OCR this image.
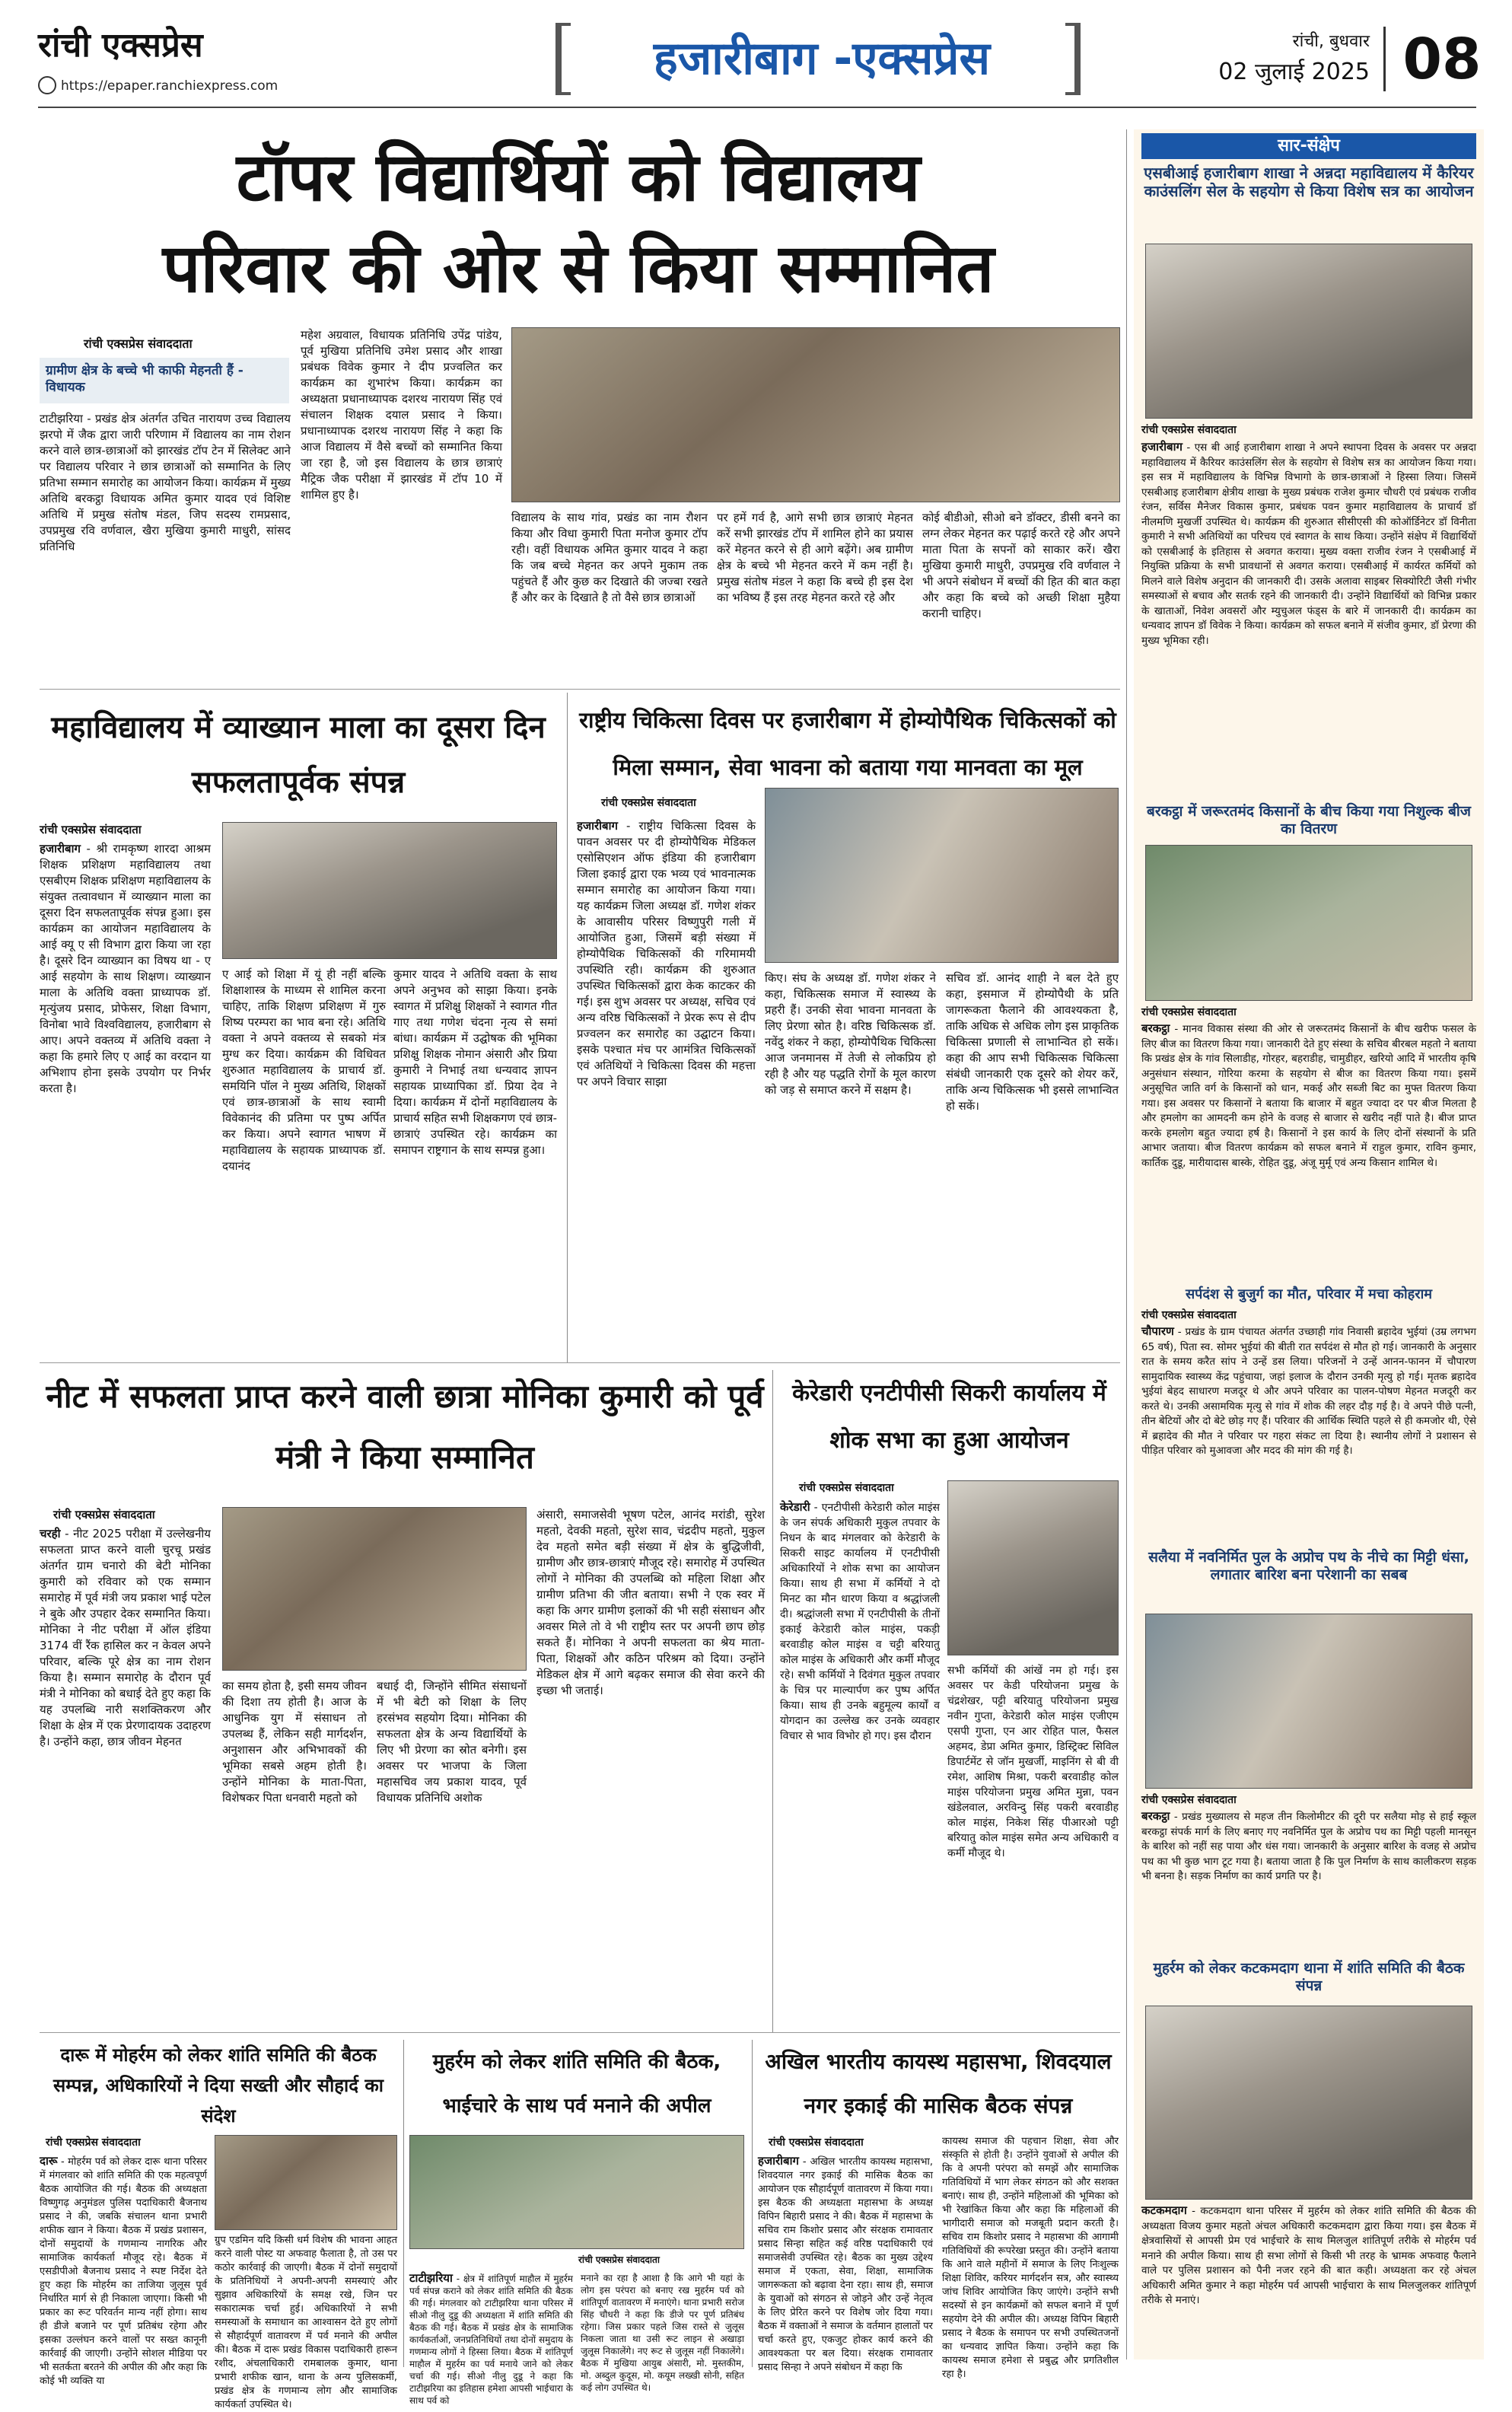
रांची एक्सप्रेस
https://epaper.ranchiexpress.com
हजारीबाग -एक्सप्रेस	रांची, बुधवार
02 जुलाई 2025 08
टॉपर विद्यार्थियों को विद्यालय
परिवार की ओर से किया सम्मानित
रांची एक्सप्रेस संवाददाता
ग्रामीण क्षेत्र के बच्चे भी काफी मेहनती हैं - विधायक
टाटीझरिया - प्रखंड क्षेत्र अंतर्गत उचित नारायण उच्च विद्यालय झरपो में जैक द्वारा जारी परिणाम में विद्यालय का नाम रोशन करने वाले छात्र-छात्राओं को झारखंड टॉप टेन में सिलेक्ट आने पर विद्यालय परिवार ने छात्र छात्राओं को सम्मानित के लिए प्रतिभा सम्मान समारोह का आयोजन किया। कार्यक्रम में मुख्य अतिथि बरकट्ठा विधायक अमित कुमार यादव एवं विशिष्ट अतिथि में प्रमुख संतोष मंडल, जिप सदस्य रामप्रसाद, उपप्रमुख रवि वर्णवाल, खैरा मुखिया कुमारी माधुरी, सांसद प्रतिनिधि
महेश अग्रवाल, विधायक प्रतिनिधि उपेंद्र पांडेय, पूर्व मुखिया प्रतिनिधि उमेश प्रसाद और शाखा प्रबंधक विवेक कुमार ने दीप प्रज्वलित कर कार्यक्रम का शुभारंभ किया। कार्यक्रम का अध्यक्षता प्रधानाध्यापक दशरथ नारायण सिंह एवं संचालन शिक्षक दयाल प्रसाद ने किया। प्रधानाध्यापक दशरथ नारायण सिंह ने कहा कि आज विद्यालय में वैसे बच्चों को सम्मानित किया जा रहा है, जो इस विद्यालय के छात्र छात्राएं मैट्रिक जैक परीक्षा में झारखंड में टॉप 10 में शामिल हुए है।
विद्यालय के साथ गांव, प्रखंड का नाम रौशन किया और विधा कुमारी पिता मनोज कुमार टॉप रही। वहीं विधायक अमित कुमार यादव ने कहा कि जब बच्चे मेहनत कर अपने मुकाम तक पहुंचते हैं और कुछ कर दिखाते की जज्बा रखते हैं और कर के दिखाते है तो वैसे छात्र छात्राओं
पर हमें गर्व है, आगे सभी छात्र छात्राएं मेहनत करें सभी झारखंड टॉप में शामिल होने का प्रयास करें मेहनत करने से ही आगे बढ़ेंगे। अब ग्रामीण क्षेत्र के बच्चे भी मेहनत करने में कम नहीं है। प्रमुख संतोष मंडल ने कहा कि बच्चे ही इस देश का भविष्य हैं इस तरह मेहनत करते रहे और
कोई बीडीओ, सीओ बने डॉक्टर, डीसी बनने का लग्न लेकर मेहनत कर पढ़ाई करते रहे और अपने माता पिता के सपनों को साकार करें। खैरा मुखिया कुमारी माधुरी, उपप्रमुख रवि वर्णवाल ने भी अपने संबोधन में बच्चों की हित की बात कहा और कहा कि बच्चे को अच्छी शिक्षा मुहैया करानी चाहिए।
सार-संक्षेप
एसबीआई हजारीबाग शाखा ने अन्नदा महाविद्यालय में कैरियर काउंसलिंग सेल के सहयोग से किया विशेष सत्र का आयोजन
रांची एक्सप्रेस संवाददाता
हजारीबाग - एस बी आई हजारीबाग शाखा ने अपने स्थापना दिवस के अवसर पर अन्नदा महाविद्यालय में कैरियर काउंसलिंग सेल के सहयोग से विशेष सत्र का आयोजन किया गया। इस सत्र में महाविद्यालय के विभिन्न विभागो के छात्र-छात्राओं ने हिस्सा लिया। जिसमें एसबीआइ हजारीबाग क्षेत्रीय शाखा के मुख्य प्रबंधक राजेश कुमार चौधरी एवं प्रबंधक राजीव रंजन, सर्विस मैनेजर विकास कुमार, प्रबंधक पवन कुमार महाविद्यालय के प्राचार्य डॉ नीलमणि मुखर्जी उपस्थित थे। कार्यक्रम की शुरुआत सीसीएसी की कोऑर्डिनेटर डॉ विनीता कुमारी ने सभी अतिथियों का परिचय एवं स्वागत के साथ किया। उन्होंने संक्षेप में विद्यार्थियों को एसबीआई के इतिहास से अवगत कराया। मुख्य वक्ता राजीव रंजन ने एसबीआई में नियुक्ति प्रक्रिया के सभी प्रावधानों से अवगत कराया। एसबीआई में कार्यरत कर्मियों को मिलने वाले विशेष अनुदान की जानकारी दी। उसके अलावा साइबर सिक्योरिटी जैसी गंभीर समस्याओं से बचाव और सतर्क रहने की जानकारी दी। उन्होंने विद्यार्थियों को विभिन्न प्रकार के खाताओं, निवेश अवसरों और म्युचुअल फंड्स के बारे में जानकारी दी। कार्यक्रम का धन्यवाद ज्ञापन डॉ विवेक ने किया। कार्यक्रम को सफल बनाने में संजीव कुमार, डॉ प्रेरणा की मुख्य भूमिका रही।
बरकट्ठा में जरूरतमंद किसानों के बीच किया गया निशुल्क बीज का वितरण
रांची एक्सप्रेस संवाददाता
बरकट्ठा - मानव विकास संस्था की ओर से जरूरतमंद किसानों के बीच खरीफ फसल के लिए बीज का वितरण किया गया। जानकारी देते हुए संस्था के सचिव बीरबल महतो ने बताया कि प्रखंड क्षेत्र के गांव सिलाडीह, गोरहर, बहराडीह, चामुडीहर, खरियो आदि में भारतीय कृषि अनुसंधान संस्थान, गोरिया करमा के सहयोग से बीज का वितरण किया गया। इसमें अनुसूचित जाति वर्ग के किसानों को धान, मकई और सब्जी बिट का मुफ्त वितरण किया गया। इस अवसर पर किसानों ने बताया कि बाजार में बहुत ज्यादा दर पर बीज मिलता है और हमलोग का आमदनी कम होने के वजह से बाजार से खरीद नहीं पाते है। बीज प्राप्त करके हमलोग बहुत ज्यादा हर्ष है। किसानों ने इस कार्य के लिए दोनों संस्थानों के प्रति आभार जताया। बीज वितरण कार्यक्रम को सफल बनाने में राहुल कुमार, राविन कुमार, कार्तिक दुडू, मारीयादास बास्के, रोहित दुडू, अंजू मुर्मू एवं अन्य किसान शामिल थे।
सर्पदंश से बुजुर्ग का मौत, परिवार में मचा कोहराम
रांची एक्सप्रेस संवाददाता
चौपारण - प्रखंड के ग्राम पंचायत अंतर्गत उच्छाही गांव निवासी ब्रहादेव भुईयां (उम्र लगभग 65 वर्ष), पिता स्व. सोमर भुईयां की बीती रात सर्पदंश से मौत हो गई। जानकारी के अनुसार रात के समय करैत सांप ने उन्हें डस लिया। परिजनों ने उन्हें आनन-फानन में चौपारण सामुदायिक स्वास्थ्य केंद्र पहुंचाया, जहां इलाज के दौरान उनकी मृत्यु हो गई। मृतक ब्रहादेव भुईयां बेहद साधारण मजदूर थे और अपने परिवार का पालन-पोषण मेहनत मजदूरी कर करते थे। उनकी असामयिक मृत्यु से गांव में शोक की लहर दौड़ गई है। वे अपने पीछे पत्नी, तीन बेटियों और दो बेटे छोड़ गए हैं। परिवार की आर्थिक स्थिति पहले से ही कमजोर थी, ऐसे में ब्रहादेव की मौत ने परिवार पर गहरा संकट ला दिया है। स्थानीय लोगों ने प्रशासन से पीड़ित परिवार को मुआवजा और मदद की मांग की गई है।
सलैया में नवनिर्मित पुल के अप्रोच पथ के नीचे का मिट्टी धंसा, लगातार बारिश बना परेशानी का सबब
रांची एक्सप्रेस संवाददाता
बरकट्ठा - प्रखंड मुख्यालय से महज तीन किलोमीटर की दूरी पर सलैया मोड़ से हाई स्कूल बरकट्ठा संपर्क मार्ग के लिए बनाए गए नवनिर्मित पुल के अप्रोच पथ का मिट्टी पहली मानसून के बारिश को नहीं सह पाया और धंस गया। जानकारी के अनुसार बारिश के वजह से अप्रोच पथ का भी कुछ भाग टूट गया है। बताया जाता है कि पुल निर्माण के साथ कालीकरण सड़क भी बनना है। सड़क निर्माण का कार्य प्रगति पर है।
मुहर्रम को लेकर कटकमदाग थाना में शांति समिति की बैठक संपन्न
कटकमदाग - कटकमदाग थाना परिसर में मुहर्रम को लेकर शांति समिति की बैठक की अध्यक्षता विजय कुमार महतो अंचल अधिकारी कटकमदाग द्वारा किया गया। इस बैठक में क्षेत्रवासियों से आपसी प्रेम एवं भाईचारे के साथ मिलजुल शांतिपूर्ण तरीके से मोहर्रम पर्व मनाने की अपील किया। साथ ही सभा लोगों से किसी भी तरह के भ्रामक अफवाह फैलाने वाले पर पुलिस प्रशासन को पैनी नजर रहने की बात कही। अध्यक्षता कर रहे अंचल अधिकारी अमित कुमार ने कहा मोहर्रम पर्व आपसी भाईचारा के साथ मिलजुलकर शांतिपूर्ण तरीके से मनाएं।
महाविद्यालय में व्याख्यान माला का दूसरा दिन सफलतापूर्वक संपन्न
रांची एक्सप्रेस संवाददाता
हजारीबाग - श्री रामकृष्ण शारदा आश्रम शिक्षक प्रशिक्षण महाविद्यालय तथा एसबीएम शिक्षक प्रशिक्षण महाविद्यालय के संयुक्त तत्वावधान में व्याख्यान माला का दूसरा दिन सफलतापूर्वक संपन्न हुआ। इस कार्यक्रम का आयोजन महाविद्यालय के आई क्यू ए सी विभाग द्वारा किया जा रहा है। दूसरे दिन व्याख्यान का विषय था - ए आई सहयोग के साथ शिक्षण। व्याख्यान माला के अतिथि वक्ता प्राध्यापक डॉ. मृत्युंजय प्रसाद, प्रोफेसर, शिक्षा विभाग, विनोबा भावे विश्वविद्यालय, हजारीबाग से आए। अपने वक्तव्य में अतिथि वक्ता ने कहा कि हमारे लिए ए आई का वरदान या अभिशाप होना इसके उपयोग पर निर्भर करता है।
ए आई को शिक्षा में यूं ही नहीं बल्कि शिक्षाशास्त्र के माध्यम से शामिल करना चाहिए, ताकि शिक्षण प्रशिक्षण में गुरु शिष्य परम्परा का भाव बना रहे। अतिथि वक्ता ने अपने वक्तव्य से सबको मंत्र मुग्ध कर दिया। कार्यक्रम की विधिवत शुरुआत महाविद्यालय के प्राचार्य डॉ. समयिनि पॉल ने मुख्य अतिथि, शिक्षकों एवं छात्र-छात्राओं के साथ स्वामी विवेकानंद की प्रतिमा पर पुष्प अर्पित कर किया। अपने स्वागत भाषण में महाविद्यालय के सहायक प्राध्यापक डॉ. दयानंद
कुमार यादव ने अतिथि वक्ता के साथ अपने अनुभव को साझा किया। इनके स्वागत में प्रशिक्षु शिक्षकों ने स्वागत गीत गाए तथा गणेश चंदना नृत्य से समां बांधा। कार्यक्रम में उद्घोषक की भूमिका प्रशिक्षु शिक्षक नोमान अंसारी और प्रिया कुमारी ने निभाई तथा धन्यवाद ज्ञापन सहायक प्राध्यापिका डॉ. प्रिया देव ने दिया। कार्यक्रम में दोनों महाविद्यालय के प्राचार्य सहित सभी शिक्षकगण एवं छात्र-छात्राएं उपस्थित रहे। कार्यक्रम का समापन राष्ट्रगान के साथ सम्पन्न हुआ।
राष्ट्रीय चिकित्सा दिवस पर हजारीबाग में होम्योपैथिक चिकित्सकों को मिला सम्मान, सेवा भावना को बताया गया मानवता का मूल
रांची एक्सप्रेस संवाददाता
हजारीबाग - राष्ट्रीय चिकित्सा दिवस के पावन अवसर पर दी होम्योपैथिक मेडिकल एसोसिएशन ऑफ इंडिया की हजारीबाग जिला इकाई द्वारा एक भव्य एवं भावनात्मक सम्मान समारोह का आयोजन किया गया। यह कार्यक्रम जिला अध्यक्ष डॉ. गणेश शंकर के आवासीय परिसर विष्णुपुरी गली में आयोजित हुआ, जिसमें बड़ी संख्या में होम्योपैथिक चिकित्सकों की गरिमामयी उपस्थिति रही। कार्यक्रम की शुरुआत उपस्थित चिकित्सकों द्वारा केक काटकर की गई। इस शुभ अवसर पर अध्यक्ष, सचिव एवं अन्य वरिष्ठ चिकित्सकों ने प्रेरक रूप से दीप प्रज्वलन कर समारोह का उद्घाटन किया। इसके पश्चात मंच पर आमंत्रित चिकित्सकों एवं अतिथियों ने चिकित्सा दिवस की महत्ता पर अपने विचार साझा
किए। संघ के अध्यक्ष डॉ. गणेश शंकर ने कहा, चिकित्सक समाज में स्वास्थ्य के प्रहरी हैं। उनकी सेवा भावना मानवता के लिए प्रेरणा स्रोत है। वरिष्ठ चिकित्सक डॉ. नवेंदु शंकर ने कहा, होम्योपैथिक चिकित्सा आज जनमानस में तेजी से लोकप्रिय हो रही है और यह पद्धति रोगों के मूल कारण को जड़ से समाप्त करने में सक्षम है।
सचिव डॉ. आनंद शाही ने बल देते हुए कहा, इसमाज में होम्योपैथी के प्रति जागरूकता फैलाने की आवश्यकता है, ताकि अधिक से अधिक लोग इस प्राकृतिक चिकित्सा प्रणाली से लाभान्वित हो सकें। कहा की आप सभी चिकित्सक चिकित्सा संबंधी जानकारी एक दूसरे को शेयर करें, ताकि अन्य चिकित्सक भी इससे लाभान्वित हो सकें।
नीट में सफलता प्राप्त करने वाली छात्रा मोनिका कुमारी को पूर्व मंत्री ने किया सम्मानित
रांची एक्सप्रेस संवाददाता
चरही - नीट 2025 परीक्षा में उल्लेखनीय सफलता प्राप्त करने वाली चुरचू प्रखंड अंतर्गत ग्राम चनारो की बेटी मोनिका कुमारी को रविवार को एक सम्मान समारोह में पूर्व मंत्री जय प्रकाश भाई पटेल ने बुके और उपहार देकर सम्मानित किया। मोनिका ने नीट परीक्षा में ऑल इंडिया 3174 वीं रैंक हासिल कर न केवल अपने परिवार, बल्कि पूरे क्षेत्र का नाम रोशन किया है। सम्मान समारोह के दौरान पूर्व मंत्री ने मोनिका को बधाई देते हुए कहा कि यह उपलब्धि नारी सशक्तिकरण और शिक्षा के क्षेत्र में एक प्रेरणादायक उदाहरण है। उन्होंने कहा, छात्र जीवन मेहनत
का समय होता है, इसी समय जीवन की दिशा तय होती है। आज के आधुनिक युग में संसाधन तो उपलब्ध हैं, लेकिन सही मार्गदर्शन, अनुशासन और अभिभावकों की भूमिका सबसे अहम होती है। उन्होंने मोनिका के माता-पिता, विशेषकर पिता धनवारी महतो को
बधाई दी, जिन्होंने सीमित संसाधनों में भी बेटी को शिक्षा के लिए हरसंभव सहयोग दिया। मोनिका की सफलता क्षेत्र के अन्य विद्यार्थियों के लिए भी प्रेरणा का स्रोत बनेगी। इस अवसर पर भाजपा के जिला महासचिव जय प्रकाश यादव, पूर्व विधायक प्रतिनिधि अशोक
अंसारी, समाजसेवी भूषण पटेल, आनंद मरांडी, सुरेश महतो, देवकी महतो, सुरेश साव, चंद्रदीप महतो, मुकुल देव महतो समेत बड़ी संख्या में क्षेत्र के बुद्धिजीवी, ग्रामीण और छात्र-छात्राएं मौजूद रहे। समारोह में उपस्थित लोगों ने मोनिका की उपलब्धि को महिला शिक्षा और ग्रामीण प्रतिभा की जीत बताया। सभी ने एक स्वर में कहा कि अगर ग्रामीण इलाकों की भी सही संसाधन और अवसर मिले तो वे भी राष्ट्रीय स्तर पर अपनी छाप छोड़ सकते हैं। मोनिका ने अपनी सफलता का श्रेय माता-पिता, शिक्षकों और कठिन परिश्रम को दिया। उन्होंने मेडिकल क्षेत्र में आगे बढ़कर समाज की सेवा करने की इच्छा भी जताई।
केरेडारी एनटीपीसी सिकरी कार्यालय में शोक सभा का हुआ आयोजन
रांची एक्सप्रेस संवाददाता
केरेडारी - एनटीपीसी केरेडारी कोल माइंस के जन संपर्क अधिकारी मुकुल तपवार के निधन के बाद मंगलवार को केरेडारी के सिकरी साइट कार्यालय में एनटीपीसी अधिकारियों ने शोक सभा का आयोजन किया। साथ ही सभा में कर्मियों ने दो मिनट का मौन धारण किया व श्रद्धांजली दी। श्रद्धांजली सभा में एनटीपीसी के तीनों इकाई केरेडारी कोल माइंस, पकड़ी बरवाडीह कोल माइंस व चट्टी बरियातु कोल माइंस के अधिकारी और कर्मी मौजूद रहे। सभी कर्मियों ने दिवंगत मुकुल तपवार के चित्र पर माल्यार्पण कर पुष्प अर्पित किया। साथ ही उनके बहुमूल्य कार्यों व योगदान का उल्लेख कर उनके व्यवहार विचार से भाव विभोर हो गए। इस दौरान
सभी कर्मियों की आंखें नम हो गई। इस अवसर पर केडी परियोजना प्रमुख के चंद्रशेखर, पट्टी बरियातु परियोजना प्रमुख नवीन गुप्ता, केरेडारी कोल माइंस एजीएम एसपी गुप्ता, एन आर रोहित पाल, फैसल अहमद, डेप्रा अमित कुमार, डिस्ट्रिक्ट सिविल डिपार्टमेंट से जॉन मुखर्जी, माइनिंग से बी वी रमेश, आशिष मिश्रा, पकरी बरवाडीह कोल माइंस परियोजना प्रमुख अमित मुन्ना, पवन खंडेलवाल, अरविन्दु सिंह पकरी बरवाडीह कोल माइंस, निकेश सिंह पीआरओ पट्टी बरियातु कोल माइंस समेत अन्य अधिकारी व कर्मी मौजूद थे।
दारू में मोहर्रम को लेकर शांति समिति की बैठक सम्पन्न, अधिकारियों ने दिया सख्ती और सौहार्द का संदेश
रांची एक्सप्रेस संवाददाता
दारू - मोहर्रम पर्व को लेकर दारू थाना परिसर में मंगलवार को शांति समिति की एक महत्वपूर्ण बैठक आयोजित की गई। बैठक की अध्यक्षता विष्णुगढ़ अनुमंडल पुलिस पदाधिकारी बैजनाथ प्रसाद ने की, जबकि संचालन थाना प्रभारी शफीक खान ने किया। बैठक में प्रखंड प्रशासन, दोनों समुदायों के गणमान्य नागरिक और सामाजिक कार्यकर्ता मौजूद रहे। बैठक में एसडीपीओ बैजनाथ प्रसाद ने स्पष्ट निर्देश देते हुए कहा कि मोहर्रम का ताजिया जुलूस पूर्व निर्धारित मार्ग से ही निकाला जाएगा। किसी भी प्रकार का रूट परिवर्तन मान्य नहीं होगा। साथ ही डीजे बजाने पर पूर्ण प्रतिबंध रहेगा और इसका उल्लंघन करने वालों पर सख्त कानूनी कार्रवाई की जाएगी। उन्होंने सोशल मीडिया पर भी सतर्कता बरतने की अपील की और कहा कि कोई भी व्यक्ति या
ग्रुप एडमिन यदि किसी धर्म विशेष की भावना आहत करने वाली पोस्ट या अफवाह फैलाता है, तो उस पर कठोर कार्रवाई की जाएगी। बैठक में दोनों समुदायों के प्रतिनिधियों ने अपनी-अपनी समस्याएं और सुझाव अधिकारियों के समक्ष रखे, जिन पर सकारात्मक चर्चा हुई। अधिकारियों ने सभी समस्याओं के समाधान का आश्वासन देते हुए लोगों से सौहार्दपूर्ण वातावरण में पर्व मनाने की अपील की। बैठक में दारू प्रखंड विकास पदाधिकारी हारून रशीद, अंचलाधिकारी रामबालक कुमार, थाना प्रभारी शफीक खान, थाना के अन्य पुलिसकर्मी, प्रखंड क्षेत्र के गणमान्य लोग और सामाजिक कार्यकर्ता उपस्थित थे।
मुहर्रम को लेकर शांति समिति की बैठक, भाईचारे के साथ पर्व मनाने की अपील
रांची एक्सप्रेस संवाददाता
टाटीझरिया - क्षेत्र में शांतिपूर्ण माहौल में मुहर्रम पर्व संपन्न कराने को लेकर शांति समिति की बैठक की गई। मंगलवार को टाटीझरिया थाना परिसर में सीओ नीलु दुडू की अध्यक्षता में शांति समिति की बैठक की गई। बैठक में प्रखंड क्षेत्र के सामाजिक कार्यकर्ताओं, जनप्रतिनिधियों तथा दोनों समुदाय के गणमान्य लोगों ने हिस्सा लिया। बैठक में शांतिपूर्ण माहौल में मुहर्रम का पर्व मनाये जाने को लेकर चर्चा की गई। सीओ नीलु दुडू ने कहा कि टाटीझरिया का इतिहास हमेशा आपसी भाईचारा के साथ पर्व को
मनाने का रहा है आशा है कि आगे भी यहां के लोग इस परंपरा को बनाए रख मुहर्रम पर्व को शांतिपूर्ण वातावरण में मनाएंगे। थाना प्रभारी सरोज सिंह चौधरी ने कहा कि डीजे पर पूर्ण प्रतिबंध रहेगा। जिस प्रकार पहले जिस रास्ते से जुलूस निकला जाता था उसी रूट लाइन से अखाड़ा जुलूस निकालेंगे। नए रूट से जुलूस नहीं निकालेंगे। बैठक में मुखिया आयुब अंसारी, मो. मुस्तकीम, मो. अब्दुल कुदूस, मो. कयूम लख्खी सोनी, सहित कई लोग उपस्थित थे।
अखिल भारतीय कायस्थ महासभा, शिवदयाल नगर इकाई की मासिक बैठक संपन्न
रांची एक्सप्रेस संवाददाता
हजारीबाग - अखिल भारतीय कायस्थ महासभा, शिवदयाल नगर इकाई की मासिक बैठक का आयोजन एक सौहार्दपूर्ण वातावरण में किया गया। इस बैठक की अध्यक्षता महासभा के अध्यक्ष विपिन बिहारी प्रसाद ने की। बैठक में महासभा के सचिव राम किशोर प्रसाद और संरक्षक रामावतार प्रसाद सिन्हा सहित कई वरिष्ठ पदाधिकारी एवं समाजसेवी उपस्थित रहे। बैठक का मुख्य उद्देश्य समाज में एकता, सेवा, शिक्षा, सामाजिक जागरूकता को बढ़ावा देना रहा। साथ ही, समाज के युवाओं को संगठन से जोड़ने और उन्हें नेतृत्व के लिए प्रेरित करने पर विशेष जोर दिया गया। बैठक में वक्ताओं ने समाज के वर्तमान हालातों पर चर्चा करते हुए, एकजुट होकर कार्य करने की आवश्यकता पर बल दिया। संरक्षक रामावतार प्रसाद सिन्हा ने अपने संबोधन में कहा कि
कायस्थ समाज की पहचान शिक्षा, सेवा और संस्कृति से होती है। उन्होंने युवाओं से अपील की कि वे अपनी परंपरा को समझें और सामाजिक गतिविधियों में भाग लेकर संगठन को और सशक्त बनाएं। साथ ही, उन्होंने महिलाओं की भूमिका को भी रेखांकित किया और कहा कि महिलाओं की भागीदारी समाज को मजबूती प्रदान करती है। सचिव राम किशोर प्रसाद ने महासभा की आगामी गतिविधियों की रूपरेखा प्रस्तुत की। उन्होंने बताया कि आने वाले महीनों में समाज के लिए निःशुल्क शिक्षा शिविर, करियर मार्गदर्शन सत्र, और स्वास्थ्य जांच शिविर आयोजित किए जाएंगे। उन्होंने सभी सदस्यों से इन कार्यक्रमों को सफल बनाने में पूर्ण सहयोग देने की अपील की। अध्यक्ष विपिन बिहारी प्रसाद ने बैठक के समापन पर सभी उपस्थितजनों का धन्यवाद ज्ञापित किया। उन्होंने कहा कि कायस्थ समाज हमेशा से प्रबुद्ध और प्रगतिशील रहा है।
